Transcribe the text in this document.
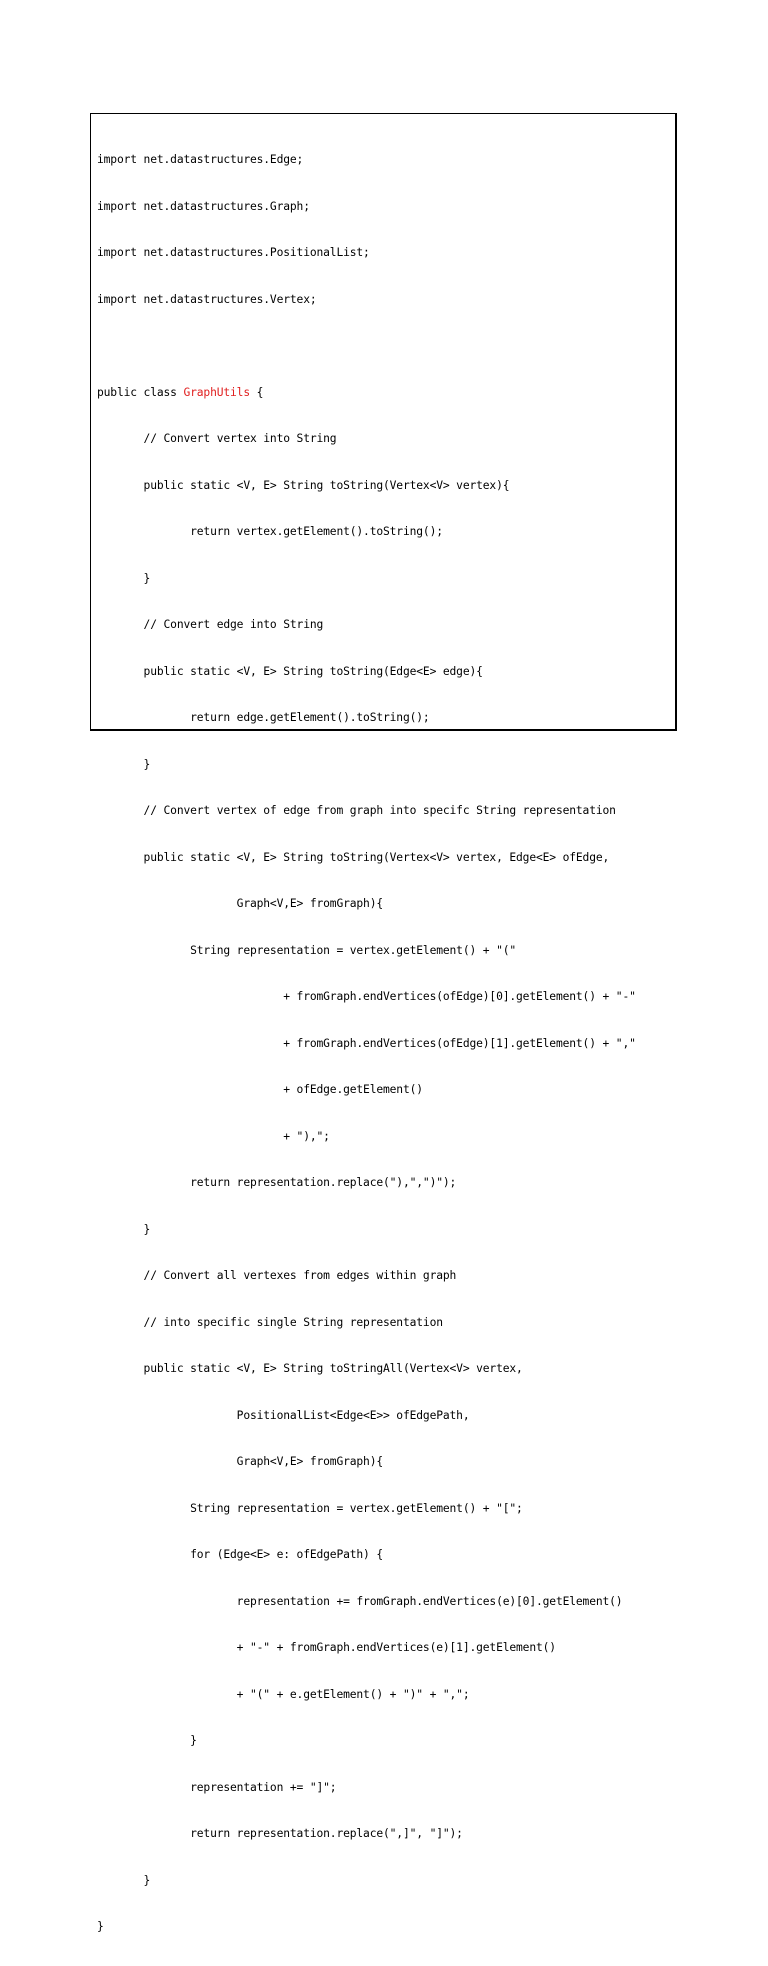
import net.datastructures.Edge;

import net.datastructures.Graph;

import net.datastructures.PositionalList;

import net.datastructures.Vertex;

public class GraphUtils {

// Convert vertex into String

public static <V, E> String toString(Vertex<V> vertex){

return vertex.getElement().toString();

}

// Convert edge into String

public static <V, E> String toString(Edge<E> edge){

return edge.getElement().toString();

}

// Convert vertex of edge from graph into specifc String representation

public static <V, E> String toString(Vertex<V> vertex, Edge<E> ofEdge,

Graph<V,E> fromGraph){

String representation = vertex.getElement() + "("

+ fromGraph.endVertices(ofEdge)[0].getElement() + "-"

+ fromGraph.endVertices(ofEdge)[1].getElement() + ","

+ ofEdge.getElement()

+ "),";

return representation.replace("),",")");

}

// Convert all vertexes from edges within graph

// into specific single String representation

public static <V, E> String toStringAll(Vertex<V> vertex,

PositionalList<Edge<E>> ofEdgePath,

Graph<V,E> fromGraph){

String representation = vertex.getElement() + "[";

for (Edge<E> e: ofEdgePath) {

representation += fromGraph.endVertices(e)[0].getElement()

+ "-" + fromGraph.endVertices(e)[1].getElement()

+ "(" + e.getElement() + ")" + ",";

}

representation += "]";

return representation.replace(",]", "]");

}

}
